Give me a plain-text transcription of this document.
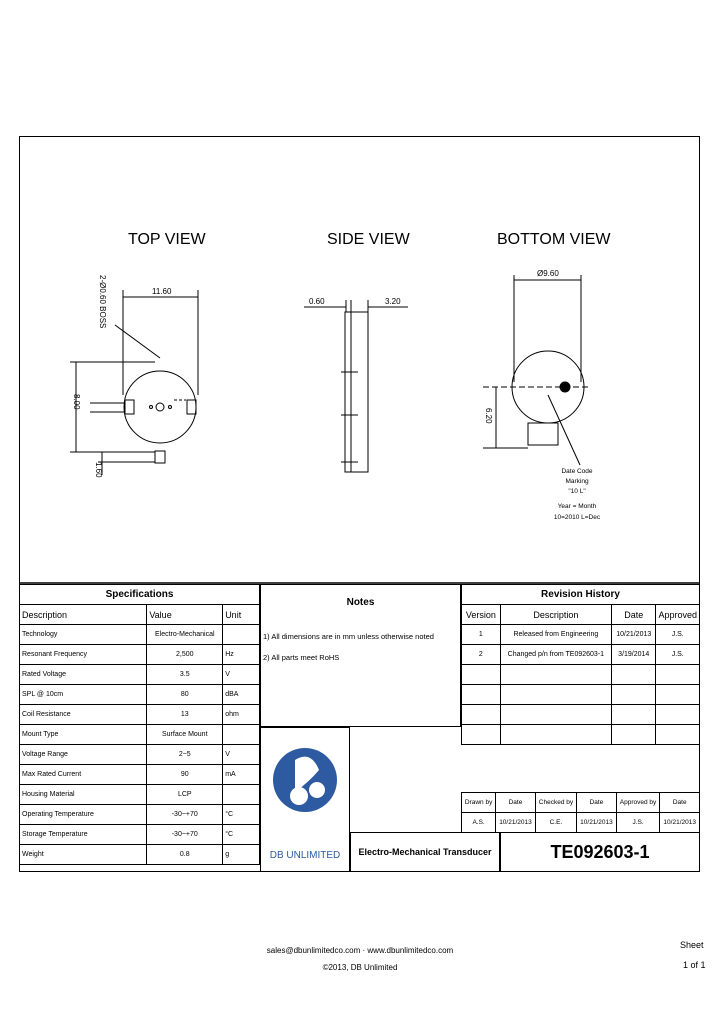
TOP VIEW	SIDE VIEW	BOTTOM VIEW
2-Ø0.60 BOSS	11.60
8.00
1.60
0.60	3.20
Ø9.60
6.20
Date Code
Marking
"10 L"
Year = Month
10=2010 L=Dec
Specifications		
Description	Value	Unit
Technology	Electro-Mechanical	
Resonant Frequency	2,500	Hz
Rated Voltage	3.5	V
SPL @ 10cm	80	dBA
Coil Resistance	13	ohm
Mount Type	Surface Mount	
Voltage Range	2~5	V
Max Rated Current	90	mA
Housing Material	LCP	
Operating Temperature	-30~+70	°C
Storage Temperature	-30~+70	°C
Weight	0.8	g
Notes
1) All dimensions are in mm unless otherwise noted
2) All parts meet RoHS
DB UNLIMITED
Revision History			
Version	Description	Date	Approved
1	Released from Engineering	10/21/2013	J.S.
2	Changed p/n from TE092603-1	3/19/2014	J.S.

Drawn by	Date	Checked by	Date	Approved by	Date
A.S.	10/21/2013	C.E.	10/21/2013	J.S.	10/21/2013
Electro-Mechanical Transducer	TE092603-1
sales@dbunlimitedco.com · www.dbunlimitedco.com
©2013, DB Unlimited
Sheet
1 of 1
